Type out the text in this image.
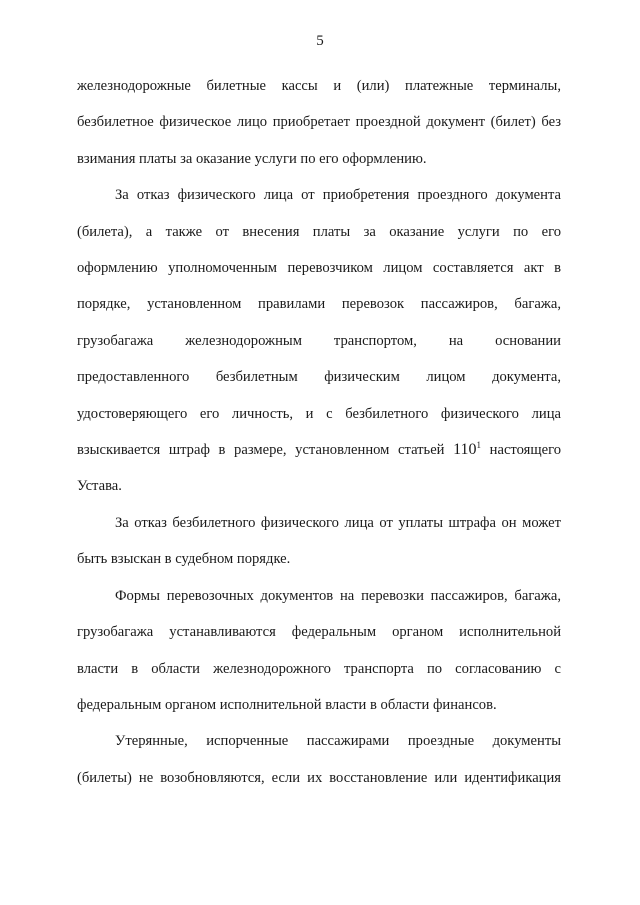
5
железнодорожные билетные кассы и (или) платежные терминалы,
безбилетное физическое лицо приобретает проездной документ (билет) без
взимания платы за оказание услуги по его оформлению.
За отказ физического лица от приобретения проездного документа
(билета), а также от внесения платы за оказание услуги по его
оформлению уполномоченным перевозчиком лицом составляется акт в
порядке, установленном правилами перевозок пассажиров, багажа,
грузобагажа железнодорожным транспортом, на основании
предоставленного безбилетным физическим лицом документа,
удостоверяющего его личность, и с безбилетного физического лица
взыскивается штраф в размере, установленном статьей $110^1$ настоящего
Устава.
За отказ безбилетного физического лица от уплаты штрафа он может
быть взыскан в судебном порядке.
Формы перевозочных документов на перевозки пассажиров, багажа,
грузобагажа устанавливаются федеральным органом исполнительной
власти в области железнодорожного транспорта по согласованию с
федеральным органом исполнительной власти в области финансов.
Утерянные, испорченные пассажирами проездные документы
(билеты) не возобновляются, если их восстановление или идентификация
